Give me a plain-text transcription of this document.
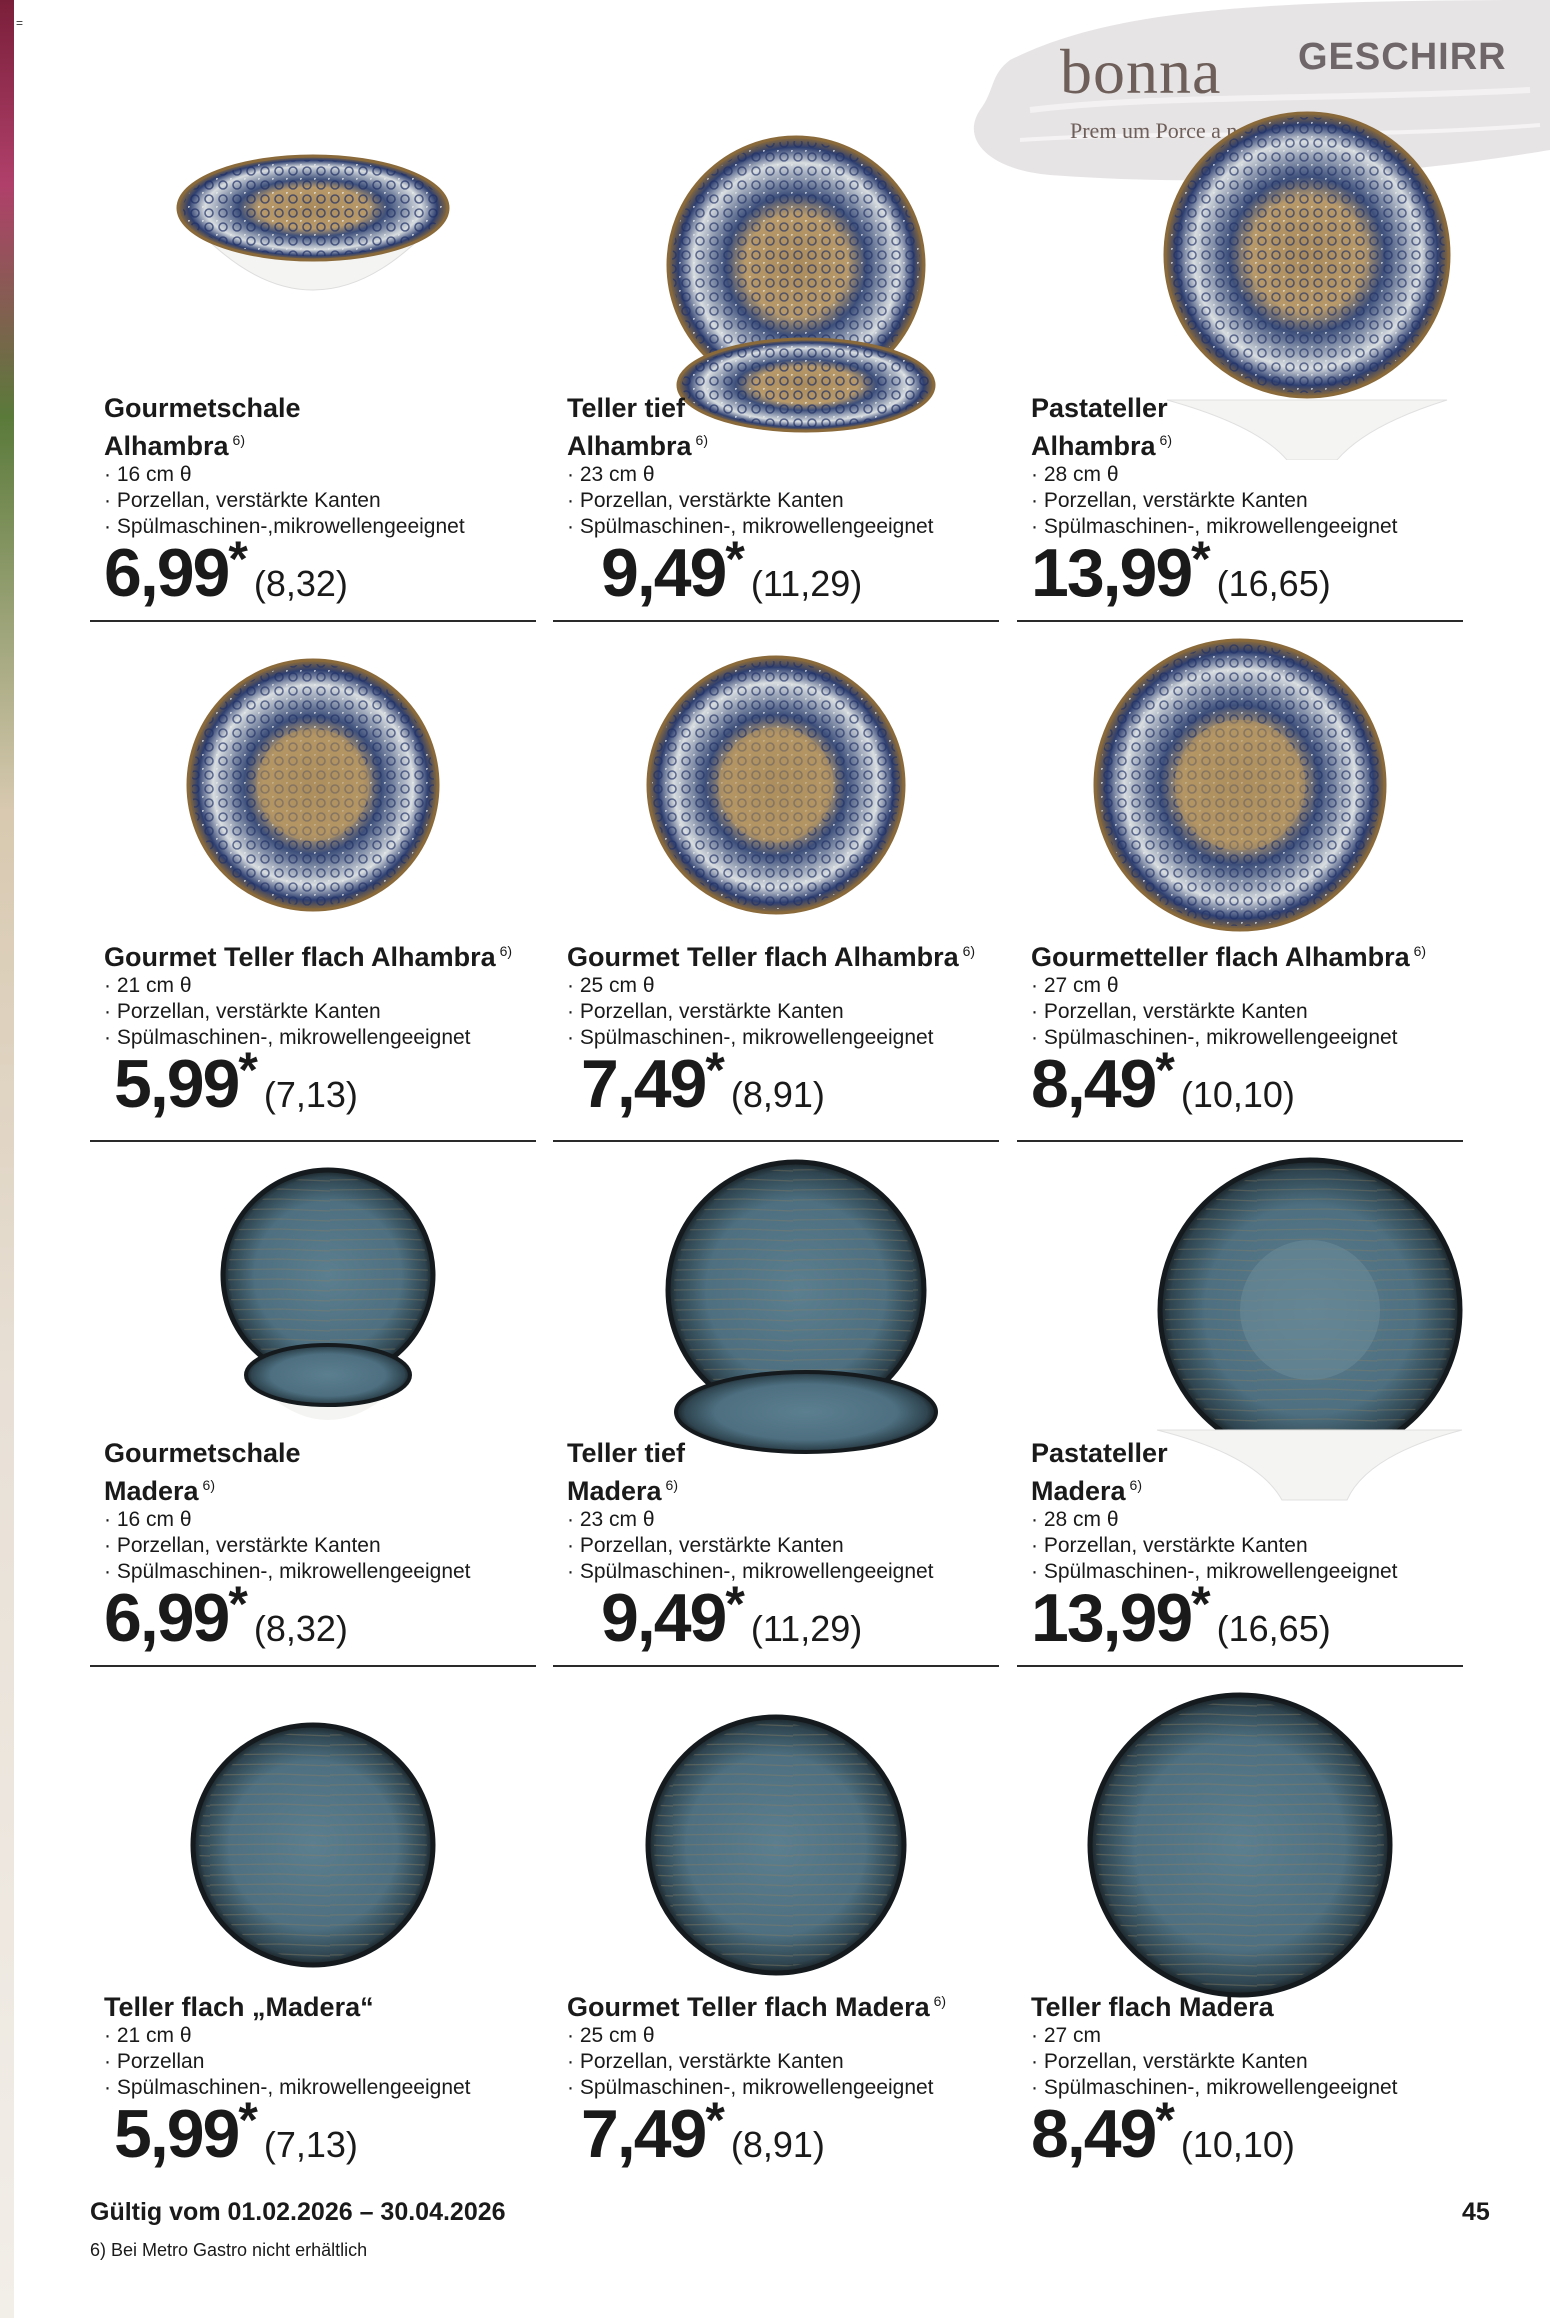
=
bonna
Prem um Porce a n
GESCHIRR
Gourmetschale
Alhambra $^{6)}$
· 16 cm θ
· Porzellan, verstärkte Kanten
· Spülmaschinen-,mikrowellengeeignet
6,99* (8,32)
Teller tief
Alhambra $^{6)}$
· 23 cm θ
· Porzellan, verstärkte Kanten
· Spülmaschinen-, mikrowellengeeignet
9,49* (11,29)
Pastateller
Alhambra $^{6)}$
· 28 cm θ
· Porzellan, verstärkte Kanten
· Spülmaschinen-, mikrowellengeeignet
13,99* (16,65)
Gourmet Teller flach Alhambra $^{6)}$
· 21 cm θ
· Porzellan, verstärkte Kanten
· Spülmaschinen-, mikrowellengeeignet
5,99* (7,13)
Gourmet Teller flach Alhambra $^{6)}$
· 25 cm θ
· Porzellan, verstärkte Kanten
· Spülmaschinen-, mikrowellengeeignet
7,49* (8,91)
Gourmetteller flach Alhambra $^{6)}$
· 27 cm θ
· Porzellan, verstärkte Kanten
· Spülmaschinen-, mikrowellengeeignet
8,49* (10,10)
Gourmetschale
Madera $^{6)}$
· 16 cm θ
· Porzellan, verstärkte Kanten
· Spülmaschinen-, mikrowellengeeignet
6,99* (8,32)
Teller tief
Madera $^{6)}$
· 23 cm θ
· Porzellan, verstärkte Kanten
· Spülmaschinen-, mikrowellengeeignet
9,49* (11,29)
Pastateller
Madera $^{6)}$
· 28 cm θ
· Porzellan, verstärkte Kanten
· Spülmaschinen-, mikrowellengeeignet
13,99* (16,65)
Teller flach „Madera“
· 21 cm θ
· Porzellan
· Spülmaschinen-, mikrowellengeeignet
5,99* (7,13)
Gourmet Teller flach Madera $^{6)}$
· 25 cm θ
· Porzellan, verstärkte Kanten
· Spülmaschinen-, mikrowellengeeignet
7,49* (8,91)
Teller flach Madera
· 27 cm
· Porzellan, verstärkte Kanten
· Spülmaschinen-, mikrowellengeeignet
8,49* (10,10)
Gültig vom 01.02.2026 – 30.04.2026
6) Bei Metro Gastro nicht erhältlich
45
